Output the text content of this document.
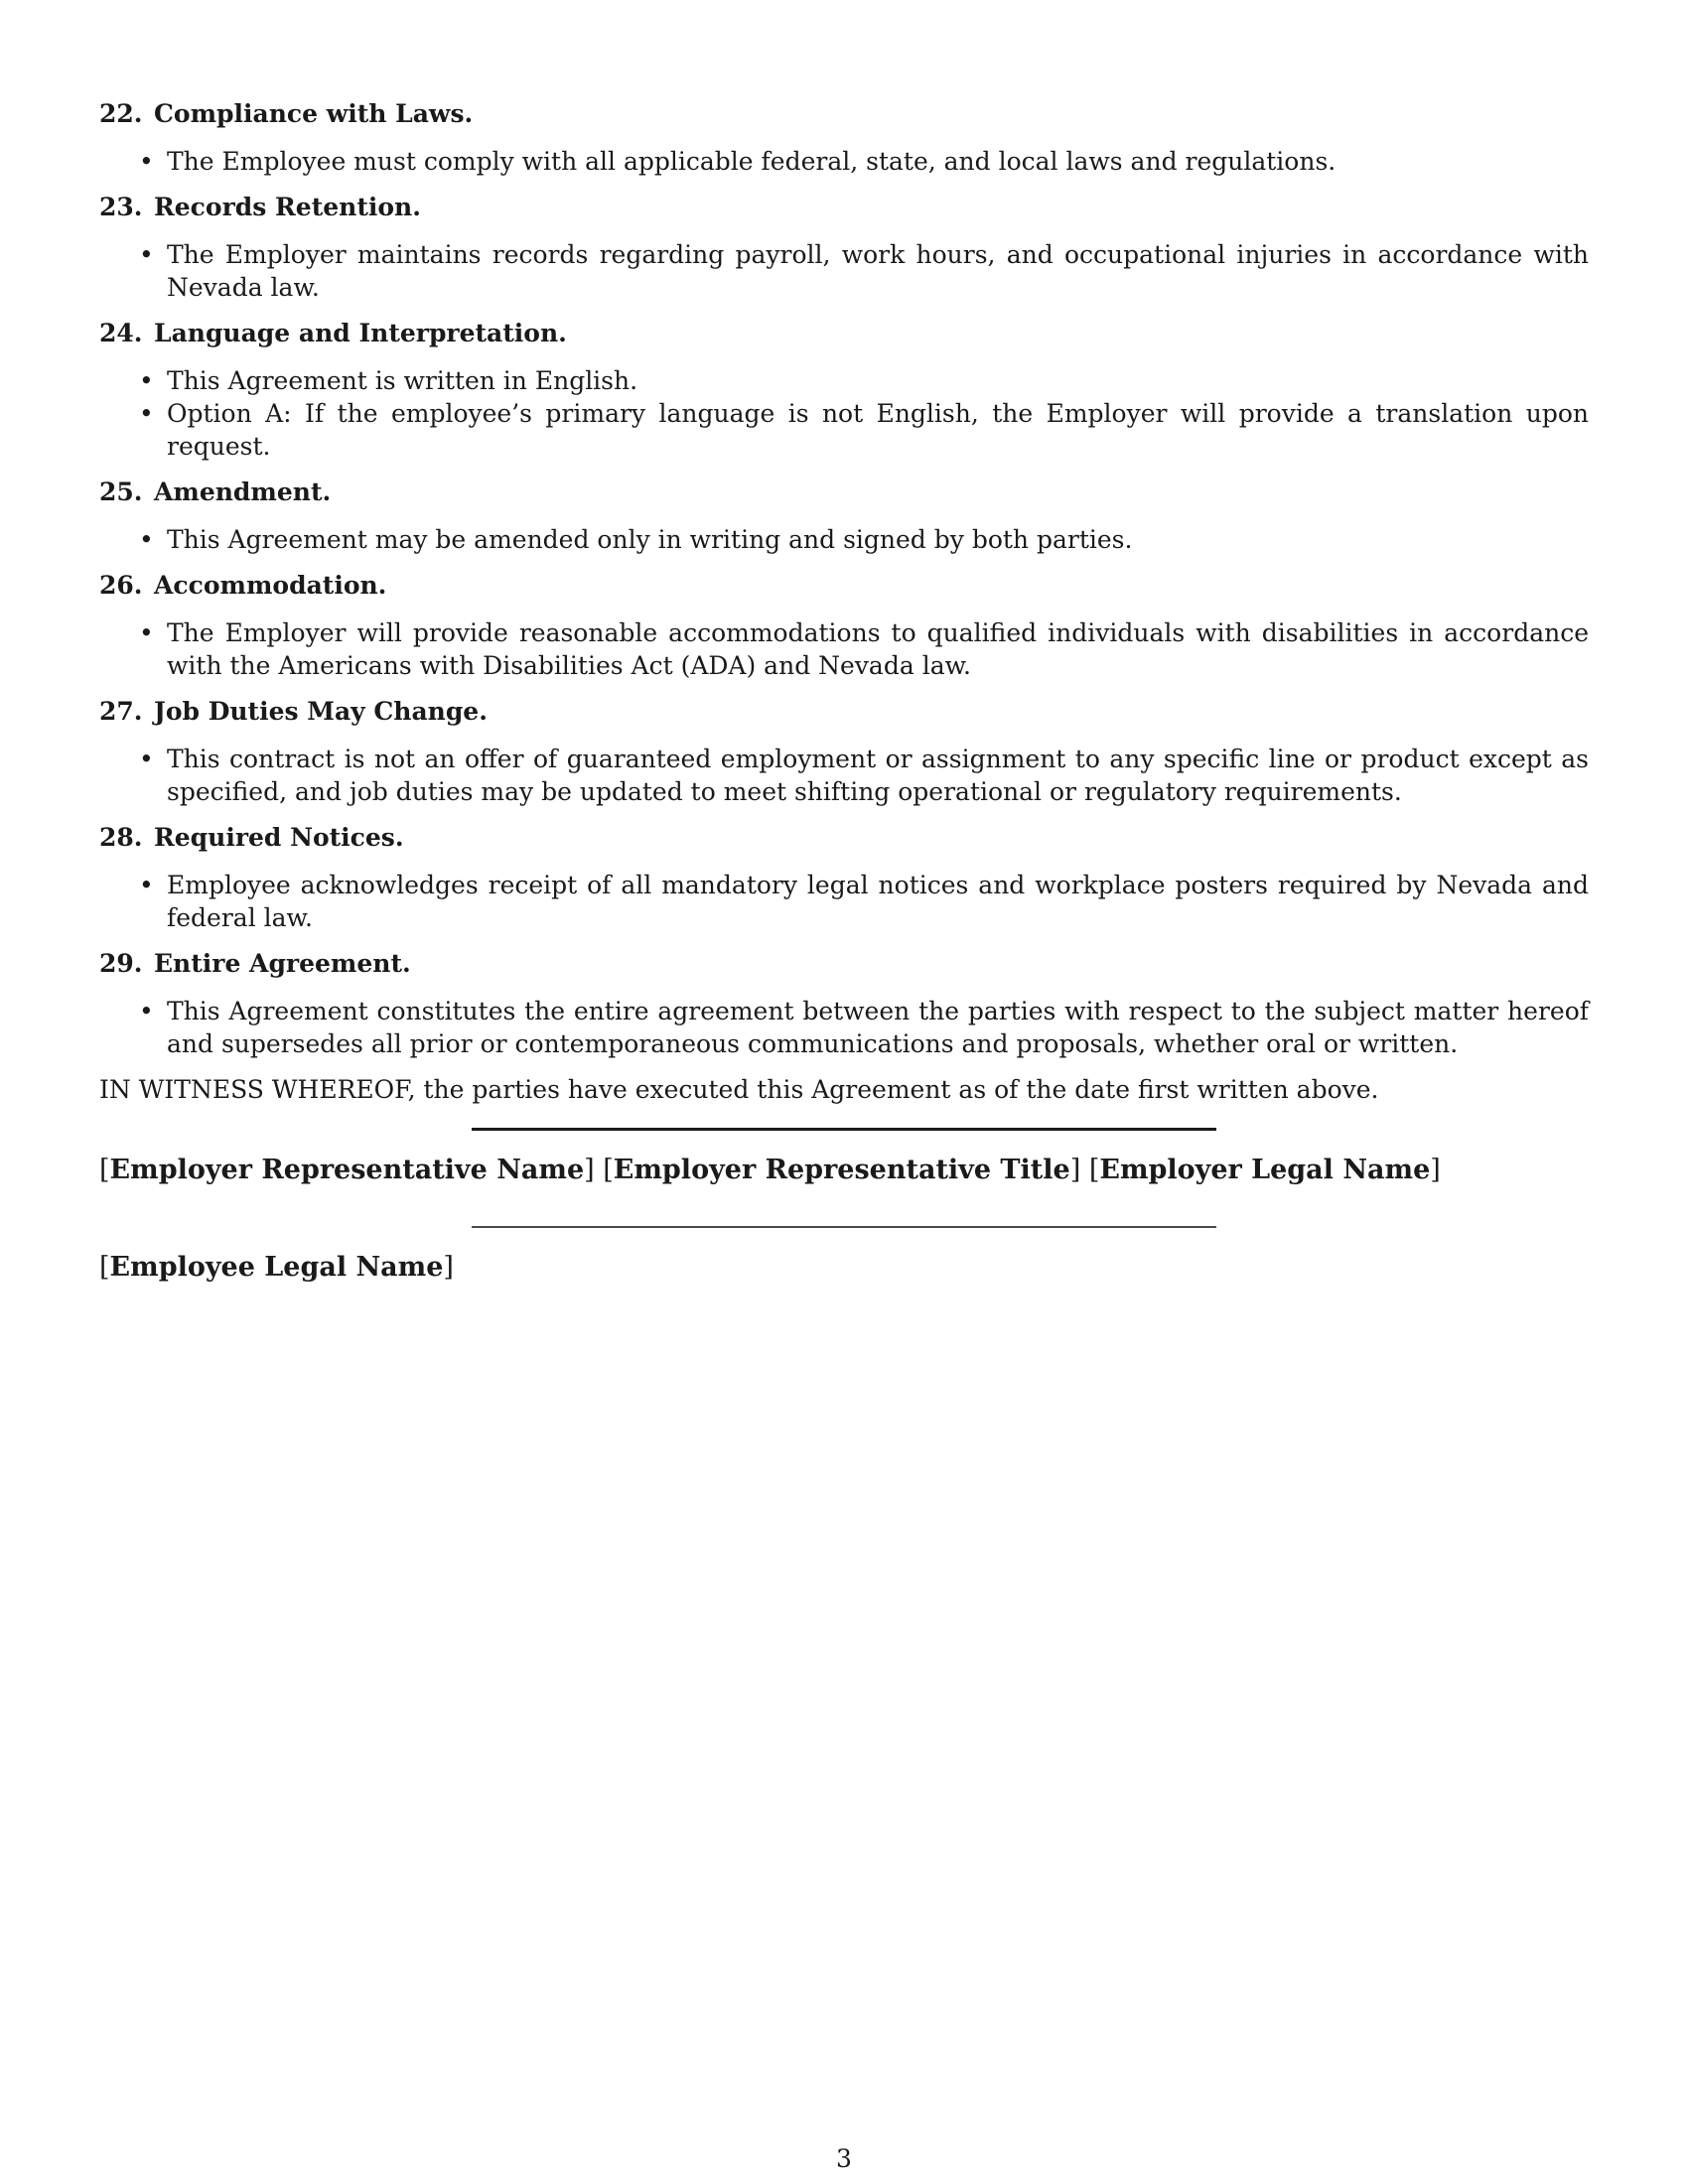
22. Compliance with Laws.
• The Employee must comply with all applicable federal, state, and local laws and regulations.
23. Records Retention.
• The Employer maintains records regarding payroll, work hours, and occupational injuries in accordance with Nevada law.
24. Language and Interpretation.
• This Agreement is written in English.
• Option A: If the employee’s primary language is not English, the Employer will provide a translation upon request.
25. Amendment.
• This Agreement may be amended only in writing and signed by both parties.
26. Accommodation.
• The Employer will provide reasonable accommodations to qualified individuals with disabilities in accordance with the Americans with Disabilities Act (ADA) and Nevada law.
27. Job Duties May Change.
• This contract is not an offer of guaranteed employment or assignment to any specific line or product except as specified, and job duties may be updated to meet shifting operational or regulatory requirements.
28. Required Notices.
• Employee acknowledges receipt of all mandatory legal notices and workplace posters required by Nevada and federal law.
29. Entire Agreement.
• This Agreement constitutes the entire agreement between the parties with respect to the subject matter hereof and supersedes all prior or contemporaneous communications and proposals, whether oral or written.

IN WITNESS WHEREOF, the parties have executed this Agreement as of the date first written above.

[Employer Representative Name] [Employer Representative Title] [Employer Legal Name]
[Employee Legal Name]
3
